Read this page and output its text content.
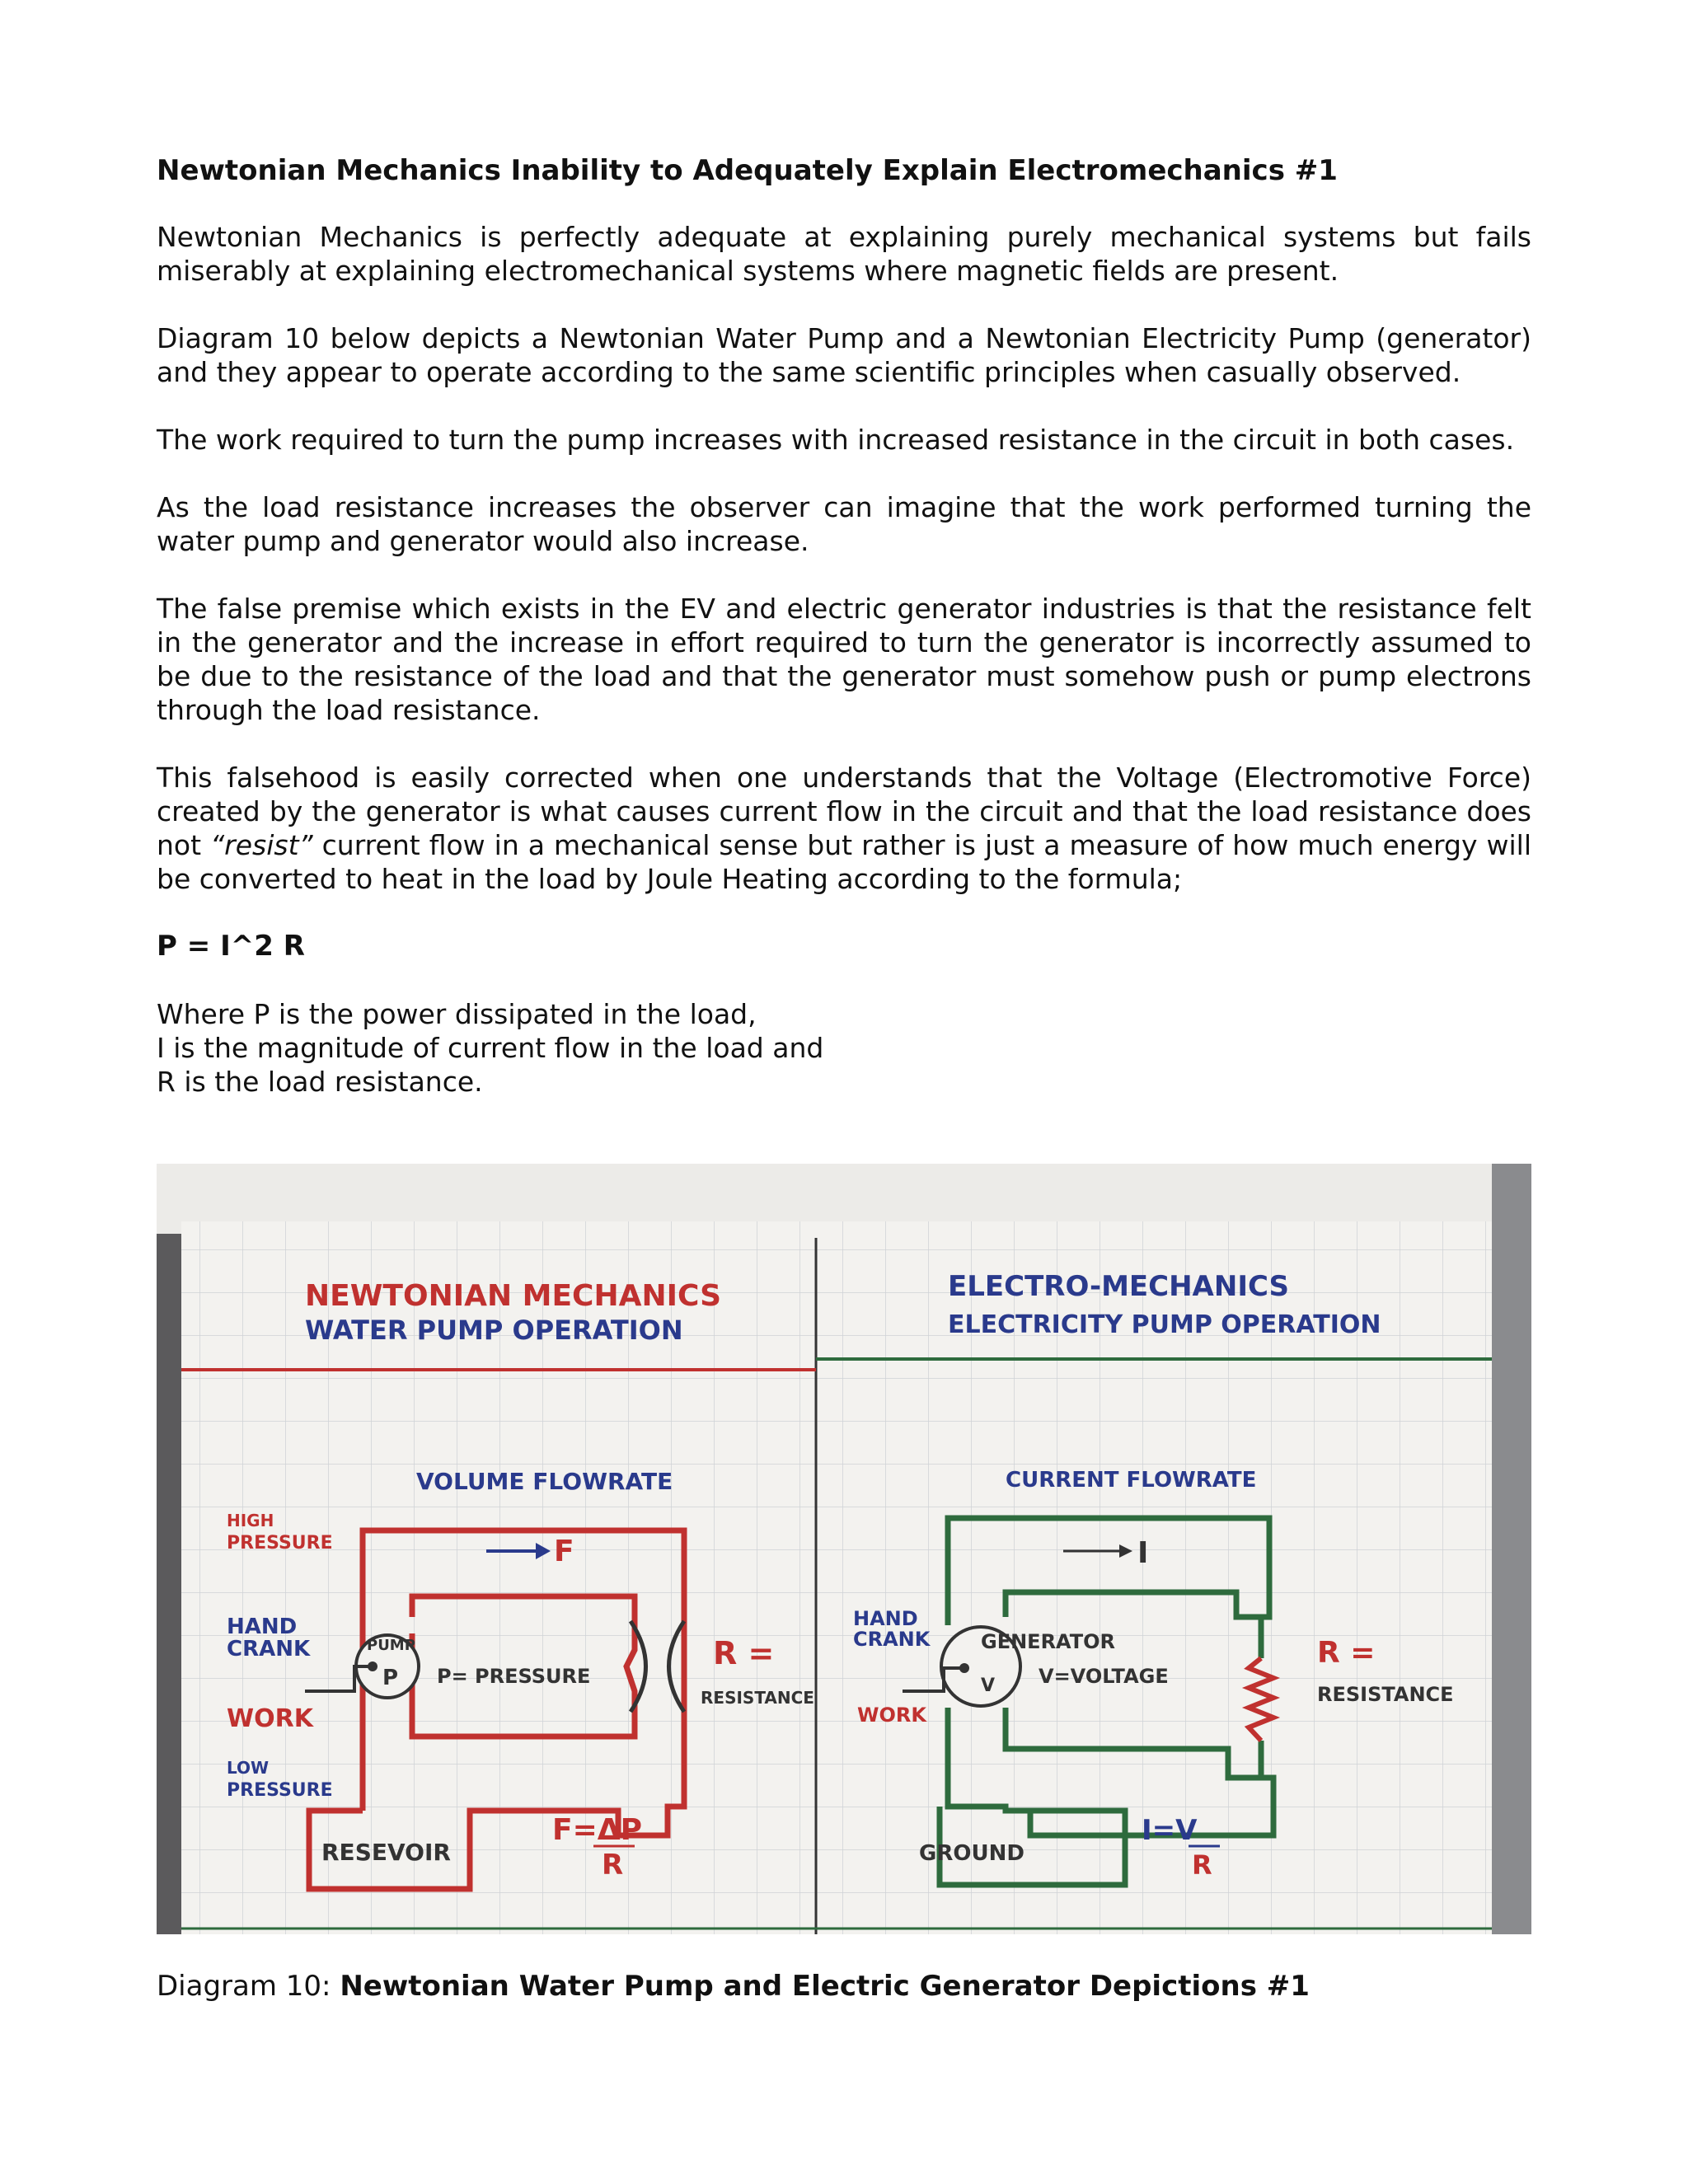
Newtonian Mechanics Inability to Adequately Explain Electromechanics #1

Newtonian Mechanics is perfectly adequate at explaining purely mechanical systems but fails miserably at explaining electromechanical systems where magnetic fields are present.

Diagram 10 below depicts a Newtonian Water Pump and a Newtonian Electricity Pump (generator) and they appear to operate according to the same scientific principles when casually observed.

The work required to turn the pump increases with increased resistance in the circuit in both cases.

As the load resistance increases the observer can imagine that the work performed turning the water pump and generator would also increase.

The false premise which exists in the EV and electric generator industries is that the resistance felt in the generator and the increase in effort required to turn the generator is incorrectly assumed to be due to the resistance of the load and that the generator must somehow push or pump electrons through the load resistance.

This falsehood is easily corrected when one understands that the Voltage (Electromotive Force) created by the generator is what causes current flow in the circuit and that the load resistance does not “resist” current flow in a mechanical sense but rather is just a measure of how much energy will be converted to heat in the load by Joule Heating according to the formula;

P = I^2 R

Where P is the power dissipated in the load,

I is the magnitude of current flow in the load and

R is the load resistance.

NEWTONIAN MECHANICS
WATER PUMP OPERATION
VOLUME FLOWRATE
F
PUMP
P
HIGH
PRESSURE
HAND
CRANK
WORK
LOW
PRESSURE
P= PRESSURE
R =
RESISTANCE
RESEVOIR
F=ΔP
R
ELECTRO-MECHANICS
ELECTRICITY PUMP OPERATION
CURRENT FLOWRATE
I
GENERATOR
V
HAND
CRANK
WORK
V=VOLTAGE
R =
RESISTANCE
GROUND
I=V
R
Diagram 10: Newtonian Water Pump and Electric Generator Depictions #1
